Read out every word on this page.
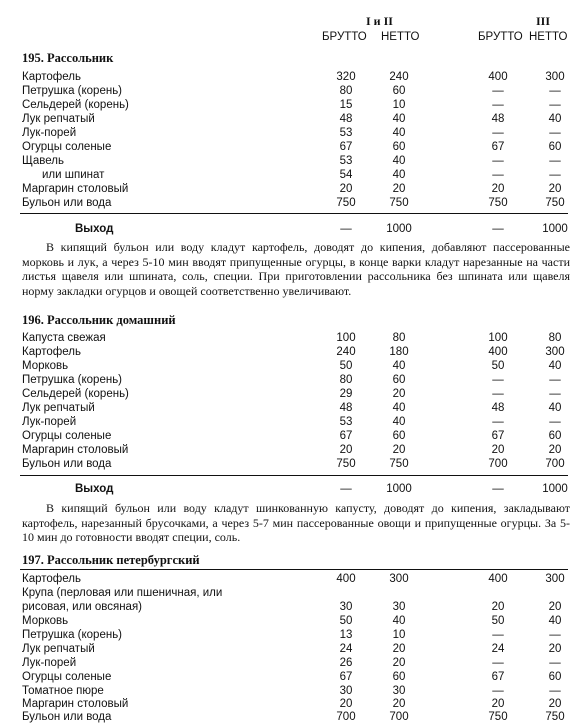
I и II	III
БРУТТО НЕТТО	БРУТТО НЕТТО
195. Рассольник
Картофель	320	240	400	300
Петрушка (корень)	80	60	—	—
Сельдерей (корень)	15	10	—	—
Лук репчатый	48	40	48	40
Лук-порей	53	40	—	—
Огурцы соленые	67	60	67	60
Щавель	53	40	—	—
или шпинат	54	40	—	—
Маргарин столовый	20	20	20	20
Бульон или вода	750	750	750	750
Выход	—	1000	—	1000

В кипящий бульон или воду кладут картофель, доводят до кипения, добавляют пассерованные морковь и лук, а через 5-10 мин вводят припущенные огурцы, в конце варки кладут нарезанные на части листья щавеля или шпината, соль, специи. При приготовлении рассольника без шпината или щавеля норму закладки огурцов и овощей соответственно увеличивают.

196. Рассольник домашний
Капуста свежая	100	80	100	80
Картофель	240	180	400	300
Морковь	50	40	50	40
Петрушка (корень)	80	60	—	—
Сельдерей (корень)	29	20	—	—
Лук репчатый	48	40	48	40
Лук-порей	53	40	—	—
Огурцы соленые	67	60	67	60
Маргарин столовый	20	20	20	20
Бульон или вода	750	750	700	700
Выход	—	1000	—	1000

В кипящий бульон или воду кладут шинкованную капусту, доводят до кипения, закладывают картофель, нарезанный брусочками, а через 5-7 мин пассерованные овощи и припущенные огурцы. За 5-10 мин до готовности вводят специи, соль.

197. Рассольник петербургский
Картофель	400	300	400	300
Крупа (перловая или пшеничная, или
рисовая, или овсяная)	30	30	20	20
Морковь	50	40	50	40
Петрушка (корень)	13	10	—	—
Лук репчатый	24	20	24	20
Лук-порей	26	20	—	—
Огурцы соленые	67	60	67	60
Томатное пюре	30	30	—	—
Маргарин столовый	20	20	20	20
Бульон или вода	700	700	750	750
